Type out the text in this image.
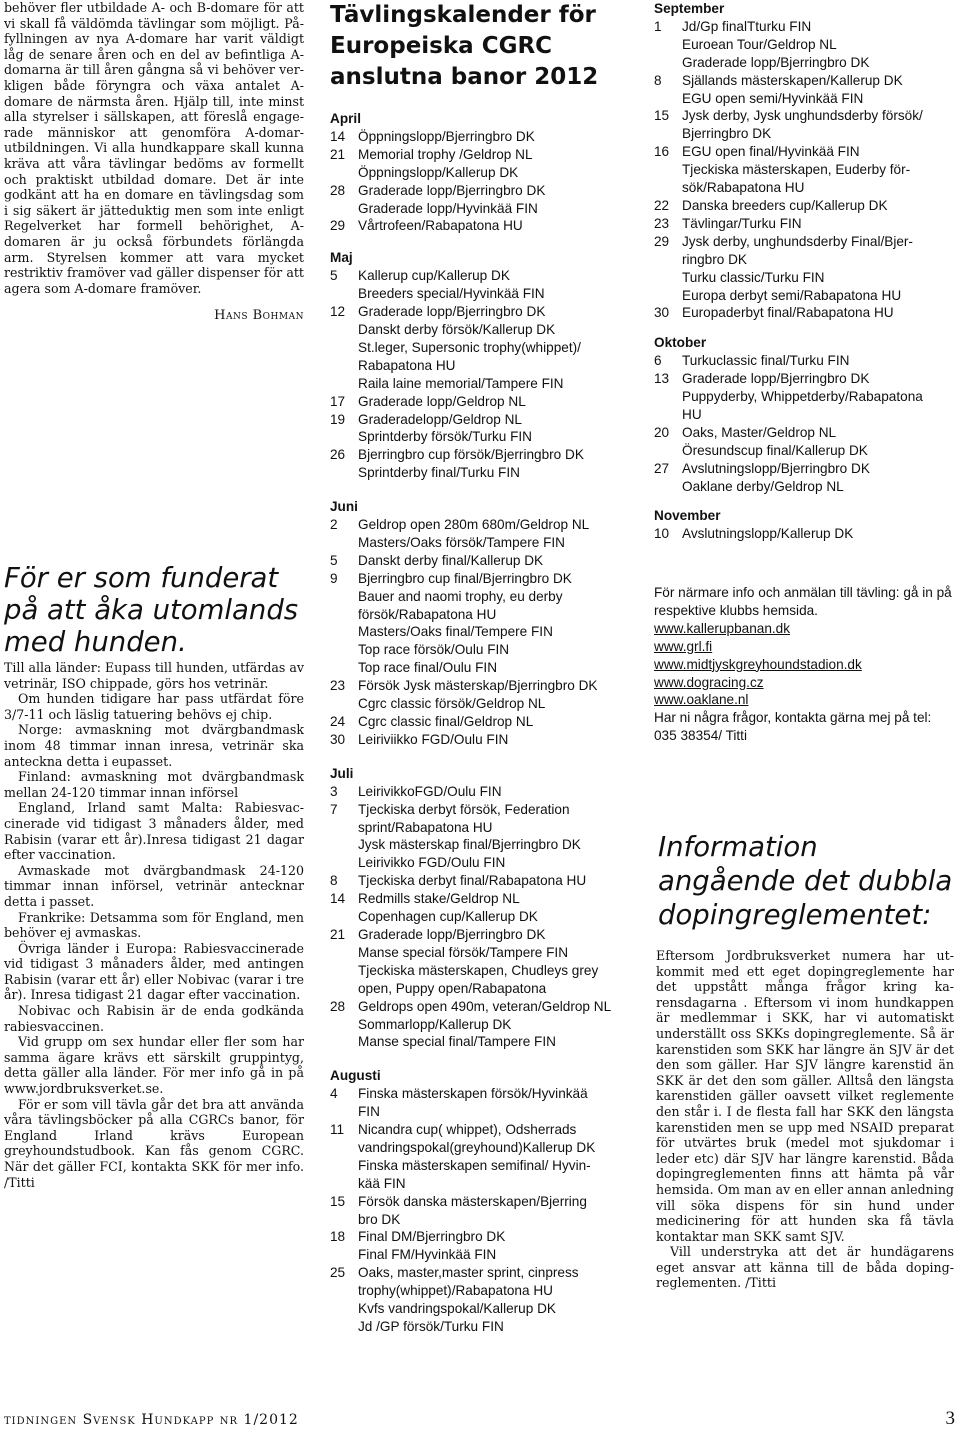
behöver fler utbildade A- och B-domare för att vi skall få väldömda tävlingar som möjligt. Påfyllningen av nya A-domare har varit väldigt låg de senare åren och en del av befintliga A-domarna är till åren gångna så vi behöver verkligen både föryngra och växa antalet A-domare de närmsta åren. Hjälp till, inte minst alla styrelser i sällskapen, att föreslå engagerade människor att genomföra A-domarutbildningen. Vi alla hundkappare skall kunna kräva att våra tävlingar bedöms av formellt och praktiskt utbildad domare. Det är inte godkänt att ha en domare en tävlingsdag som i sig säkert är jätteduktig men som inte enligt Regelverket har formell behörighet, A-domaren är ju också förbundets förlängda arm. Styrelsen kommer att vara mycket restriktiv framöver vad gäller dispenser för att agera som A-domare framöver.

Hans Bohman
För er som funderat på att åka utomlands med hunden.

Till alla länder: Eupass till hunden, utfärdas av vetrinär, ISO chippade, görs hos vetrinär.

Om hunden tidigare har pass utfärdat före 3/7-11 och läslig tatuering behövs ej chip.

Norge: avmaskning mot dvärgbandmask inom 48 timmar innan inresa, vetrinär ska anteckna detta i eupasset.

Finland: avmaskning mot dvärgbandmask mellan 24-120 timmar innan införsel

England, Irland samt Malta: Rabiesvaccinerade vid tidigast 3 månaders ålder, med Rabisin (varar ett år).Inresa tidigast 21 dagar efter vaccination.

Avmaskade mot dvärgbandmask 24-120 timmar innan införsel, vetrinär antecknar detta i passet.

Frankrike: Detsamma som för England, men behöver ej avmaskas.

Övriga länder i Europa: Rabiesvaccinerade vid tidigast 3 månaders ålder, med antingen Rabisin (varar ett år) eller Nobivac (varar i tre år). Inresa tidigast 21 dagar efter vaccination.

Nobivac och Rabisin är de enda godkända rabiesvaccinen.

Vid grupp om sex hundar eller fler som har samma ägare krävs ett särskilt gruppintyg, detta gäller alla länder. För mer info gå in på www.jordbruksverket.se.

För er som vill tävla går det bra att använda våra tävlingsböcker på alla CGRCs banor, för England Irland krävs European greyhoundstudbook. Kan fås genom CGRC. När det gäller FCI, kontakta SKK för mer info. /Titti

Tävlingskalender för Europeiska CGRC anslutna banor 2012

April

14 Öppningslopp/Bjerringbro DK
21 Memorial trophy /Geldrop NL
Öppningslopp/Kallerup DK
28 Graderade lopp/Bjerringbro DK
Graderade lopp/Hyvinkää FIN
29 Vårtrofeen/Rabapatona HU

Maj

5 Kallerup cup/Kallerup DK
Breeders special/Hyvinkää FIN
12 Graderade lopp/Bjerringbro DK
Danskt derby försök/Kallerup DK
St.leger, Supersonic trophy(whippet)/
Rabapatona HU
Raila laine memorial/Tampere FIN
17 Graderade lopp/Geldrop NL
19 Graderadelopp/Geldrop NL
Sprintderby försök/Turku FIN
26 Bjerringbro cup försök/Bjerringbro DK
Sprintderby final/Turku FIN

Juni

2 Geldrop open 280m 680m/Geldrop NL
Masters/Oaks försök/Tampere FIN
5 Danskt derby final/Kallerup DK
9 Bjerringbro cup final/Bjerringbro DK
Bauer and naomi trophy, eu derby
försök/Rabapatona HU
Masters/Oaks final/Tempere FIN
Top race försök/Oulu FIN
Top race final/Oulu FIN
23 Försök Jysk mästerskap/Bjerringbro DK
Cgrc classic försök/Geldrop NL
24 Cgrc classic final/Geldrop NL
30 Leiriviikko FGD/Oulu FIN

Juli

3 LeirivikkoFGD/Oulu FIN
7 Tjeckiska derbyt försök, Federation
sprint/Rabapatona HU
Jysk mästerskap final/Bjerringbro DK
Leirivikko FGD/Oulu FIN
8 Tjeckiska derbyt final/Rabapatona HU
14 Redmills stake/Geldrop NL
Copenhagen cup/Kallerup DK
21 Graderade lopp/Bjerringbro DK
Manse special försök/Tampere FIN
Tjeckiska mästerskapen, Chudleys grey
open, Puppy open/Rabapatona
28 Geldrops open 490m, veteran/Geldrop NL
Sommarlopp/Kallerup DK
Manse special final/Tampere FIN

Augusti

4 Finska mästerskapen försök/Hyvinkää
FIN
11 Nicandra cup( whippet), Odsherrads
vandringspokal(greyhound)Kallerup DK
Finska mästerskapen semifinal/ Hyvin-
kää FIN
15 Försök danska mästerskapen/Bjerring
bro DK
18 Final DM/Bjerringbro DK
Final FM/Hyvinkää FIN
25 Oaks, master,master sprint, cinpress
trophy(whippet)/Rabapatona HU
Kvfs vandringspokal/Kallerup DK
Jd /GP försök/Turku FIN

September

1 Jd/Gp finalTturku FIN
Euroean Tour/Geldrop NL
Graderade lopp/Bjerringbro DK
8 Själlands mästerskapen/Kallerup DK
EGU open semi/Hyvinkää FIN
15 Jysk derby, Jysk unghundsderby försök/
Bjerringbro DK
16 EGU open final/Hyvinkää FIN
Tjeckiska mästerskapen, Euderby för-
sök/Rabapatona HU
22 Danska breeders cup/Kallerup DK
23 Tävlingar/Turku FIN
29 Jysk derby, unghundsderby Final/Bjer-
ringbro DK
Turku classic/Turku FIN
Europa derbyt semi/Rabapatona HU
30 Europaderbyt final/Rabapatona HU

Oktober

6 Turkuclassic final/Turku FIN
13 Graderade lopp/Bjerringbro DK
Puppyderby, Whippetderby/Rabapatona
HU
20 Oaks, Master/Geldrop NL
Öresundscup final/Kallerup DK
27 Avslutningslopp/Bjerringbro DK
Oaklane derby/Geldrop NL

November

10 Avslutningslopp/Kallerup DK

För närmare info och anmälan till tävling: gå in på respektive klubbs hemsida.

www.kallerupbanan.dk
www.grl.fi
www.midtjyskgreyhoundstadion.dk
www.dogracing.cz
www.oaklane.nl

Har ni några frågor, kontakta gärna mej på tel: 035 38354/ Titti

Information angående det dubbla dopingreglementet:

Eftersom Jordbruksverket numera har utkommit med ett eget dopingreglemente har det uppstått många frågor kring karensdagarna . Eftersom vi inom hundkappen är medlemmar i SKK, har vi automatiskt underställt oss SKKs dopingreglemente. Så är karenstiden som SKK har längre än SJV är det den som gäller. Har SJV längre karenstid än SKK är det den som gäller. Alltså den längsta karenstiden gäller oavsett vilket reglemente den står i. I de flesta fall har SKK den längsta karenstiden men se upp med NSAID preparat för utvärtes bruk (medel mot sjukdomar i leder etc) där SJV har längre karenstid. Båda dopingreglementen finns att hämta på vår hemsida. Om man av en eller annan anledning vill söka dispens för sin hund under medicinering för att hunden ska få tävla kontaktar man SKK samt SJV.

Vill understryka att det är hundägarens eget ansvar att känna till de båda dopingreglementen. /Titti

tidningen Svensk Hundkapp nr 1/2012	3
